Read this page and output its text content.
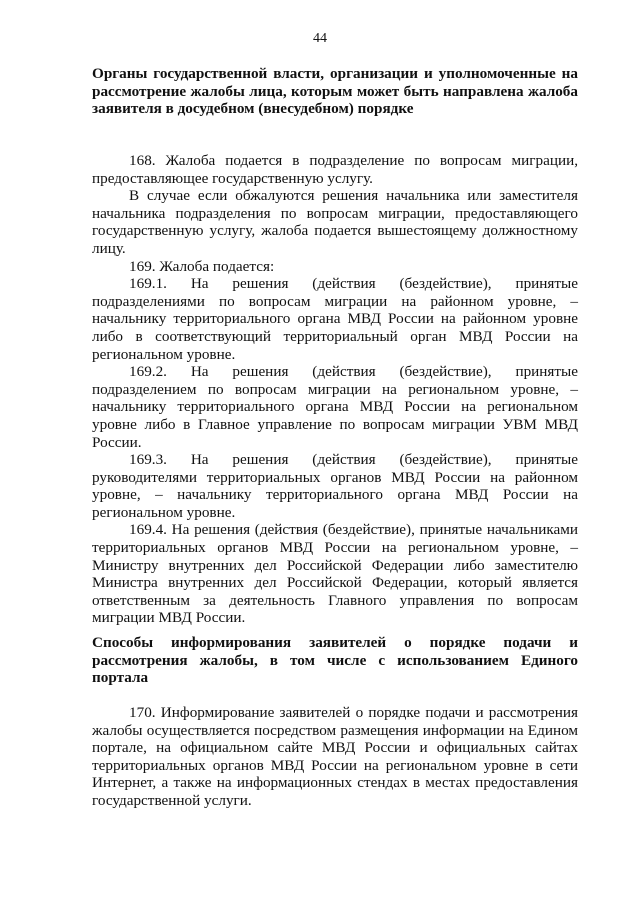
44
Органы государственной власти, организации и уполномоченные на рассмотрение жалобы лица, которым может быть направлена жалоба заявителя в досудебном (внесудебном) порядке

168. Жалоба подается в подразделение по вопросам миграции, предоставляющее государственную услугу.

В случае если обжалуются решения начальника или заместителя начальника подразделения по вопросам миграции, предоставляющего государственную услугу, жалоба подается вышестоящему должностному лицу.

169. Жалоба подается:

169.1. На решения (действия (бездействие), принятые подразделениями по вопросам миграции на районном уровне, – начальнику территориального органа МВД России на районном уровне либо в соответствующий территориальный орган МВД России на региональном уровне.

169.2. На решения (действия (бездействие), принятые подразделением по вопросам миграции на региональном уровне, – начальнику территориального органа МВД России на региональном уровне либо в Главное управление по вопросам миграции УВМ МВД России.

169.3. На решения (действия (бездействие), принятые руководителями территориальных органов МВД России на районном уровне, – начальнику территориального органа МВД России на региональном уровне.

169.4. На решения (действия (бездействие), принятые начальниками территориальных органов МВД России на региональном уровне, – Министру внутренних дел Российской Федерации либо заместителю Министра внутренних дел Российской Федерации, который является ответственным за деятельность Главного управления по вопросам миграции МВД России.

Способы информирования заявителей о порядке подачи и рассмотрения жалобы, в том числе с использованием Единого портала

170. Информирование заявителей о порядке подачи и рассмотрения жалобы осуществляется посредством размещения информации на Едином портале, на официальном сайте МВД России и официальных сайтах территориальных органов МВД России на региональном уровне в сети Интернет, а также на информационных стендах в местах предоставления государственной услуги.
